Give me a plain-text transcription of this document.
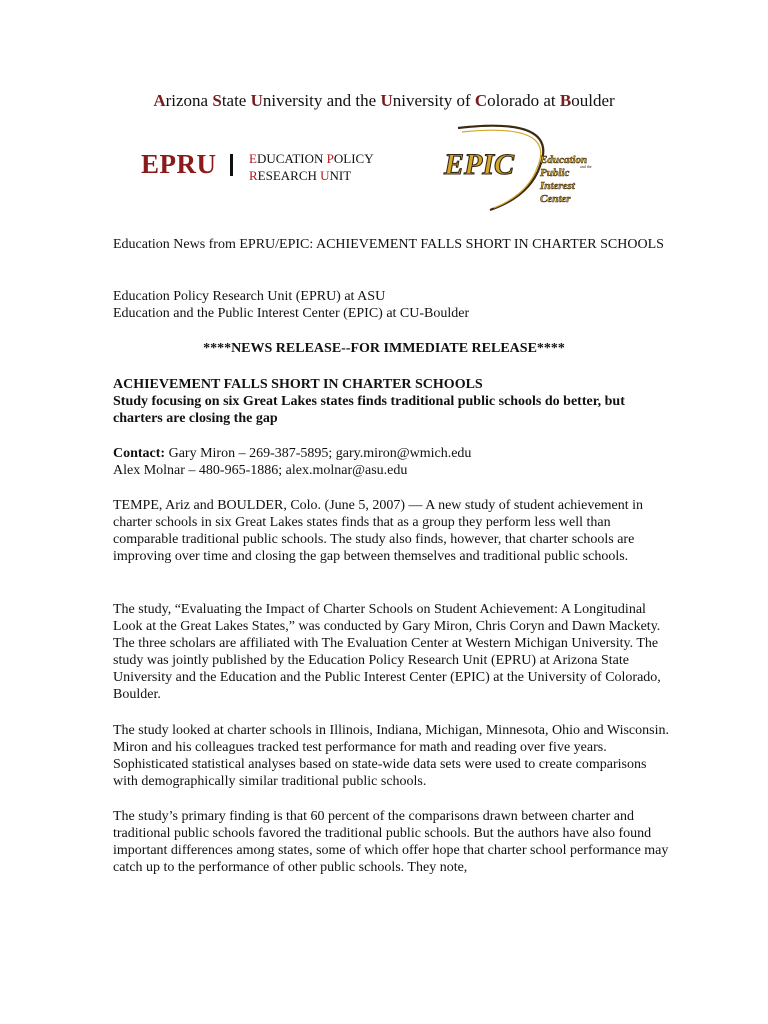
Arizona State University and the University of Colorado at Boulder
EPRU	EDUCATION POLICY
RESEARCH UNIT	EPIC Education
and the
Public
Interest
Center
Education News from EPRU/EPIC: ACHIEVEMENT FALLS SHORT IN CHARTER SCHOOLS
Education Policy Research Unit (EPRU) at ASU
Education and the Public Interest Center (EPIC) at CU-Boulder
****NEWS RELEASE--FOR IMMEDIATE RELEASE****
ACHIEVEMENT FALLS SHORT IN CHARTER SCHOOLS
Study focusing on six Great Lakes states finds traditional public schools do better, but charters are closing the gap
Contact: Gary Miron – 269-387-5895; gary.miron@wmich.edu
Alex Molnar – 480-965-1886; alex.molnar@asu.edu
TEMPE, Ariz and BOULDER, Colo. (June 5, 2007) — A new study of student achievement in charter schools in six Great Lakes states finds that as a group they perform less well than comparable traditional public schools. The study also finds, however, that charter schools are improving over time and closing the gap between themselves and traditional public schools.
The study, “Evaluating the Impact of Charter Schools on Student Achievement: A Longitudinal Look at the Great Lakes States,” was conducted by Gary Miron, Chris Coryn and Dawn Mackety. The three scholars are affiliated with The Evaluation Center at Western Michigan University. The study was jointly published by the Education Policy Research Unit (EPRU) at Arizona State University and the Education and the Public Interest Center (EPIC) at the University of Colorado, Boulder.
The study looked at charter schools in Illinois, Indiana, Michigan, Minnesota, Ohio and Wisconsin. Miron and his colleagues tracked test performance for math and reading over five years. Sophisticated statistical analyses based on state-wide data sets were used to create comparisons with demographically similar traditional public schools.
The study’s primary finding is that 60 percent of the comparisons drawn between charter and traditional public schools favored the traditional public schools. But the authors have also found important differences among states, some of which offer hope that charter school performance may catch up to the performance of other public schools. They note,
